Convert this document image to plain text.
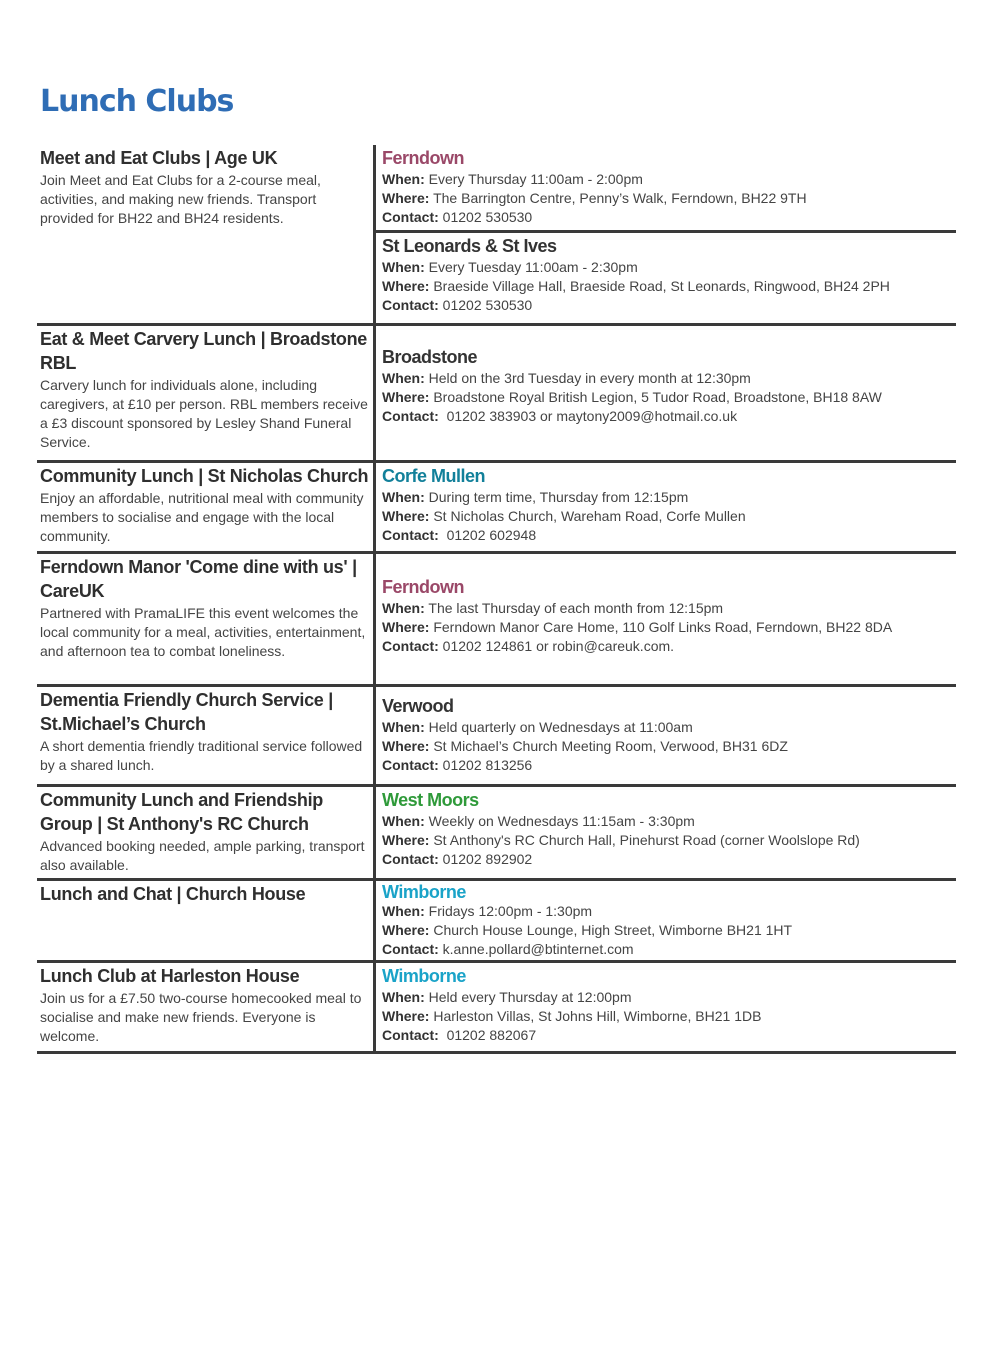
Lunch Clubs
Meet and Eat Clubs | Age UK
Join Meet and Eat Clubs for a 2-course meal, activities, and making new friends. Transport provided for BH22 and BH24 residents.
Ferndown
When: Every Thursday 11:00am - 2:00pm
Where: The Barrington Centre, Penny’s Walk, Ferndown, BH22 9TH
Contact: 01202 530530
St Leonards & St Ives
When: Every Tuesday 11:00am - 2:30pm
Where: Braeside Village Hall, Braeside Road, St Leonards, Ringwood, BH24 2PH
Contact: 01202 530530
Eat & Meet Carvery Lunch | Broadstone RBL
Carvery lunch for individuals alone, including caregivers, at £10 per person. RBL members receive a £3 discount sponsored by Lesley Shand Funeral Service.
Broadstone
When: Held on the 3rd Tuesday in every month at 12:30pm
Where: Broadstone Royal British Legion, 5 Tudor Road, Broadstone, BH18 8AW
Contact: 01202 383903 or maytony2009@hotmail.co.uk
Community Lunch | St Nicholas Church
Enjoy an affordable, nutritional meal with community members to socialise and engage with the local community.
Corfe Mullen
When: During term time, Thursday from 12:15pm
Where: St Nicholas Church, Wareham Road, Corfe Mullen
Contact: 01202 602948
Ferndown Manor 'Come dine with us' | CareUK
Partnered with PramaLIFE this event welcomes the local community for a meal, activities, entertainment, and afternoon tea to combat loneliness.
Ferndown
When: The last Thursday of each month from 12:15pm
Where: Ferndown Manor Care Home, 110 Golf Links Road, Ferndown, BH22 8DA
Contact: 01202 124861 or robin@careuk.com.
Dementia Friendly Church Service | St.Michael’s Church
A short dementia friendly traditional service followed by a shared lunch.
Verwood
When: Held quarterly on Wednesdays at 11:00am
Where: St Michael’s Church Meeting Room, Verwood, BH31 6DZ
Contact: 01202 813256
Community Lunch and Friendship Group | St Anthony's RC Church
Advanced booking needed, ample parking, transport also available.
West Moors
When: Weekly on Wednesdays 11:15am - 3:30pm
Where: St Anthony's RC Church Hall, Pinehurst Road (corner Woolslope Rd)
Contact: 01202 892902
Lunch and Chat | Church House	Wimborne
When: Fridays 12:00pm - 1:30pm
Where: Church House Lounge, High Street, Wimborne BH21 1HT
Contact: k.anne.pollard@btinternet.com
Lunch Club at Harleston House
Join us for a £7.50 two-course homecooked meal to socialise and make new friends. Everyone is welcome.
Wimborne
When: Held every Thursday at 12:00pm
Where: Harleston Villas, St Johns Hill, Wimborne, BH21 1DB
Contact: 01202 882067
